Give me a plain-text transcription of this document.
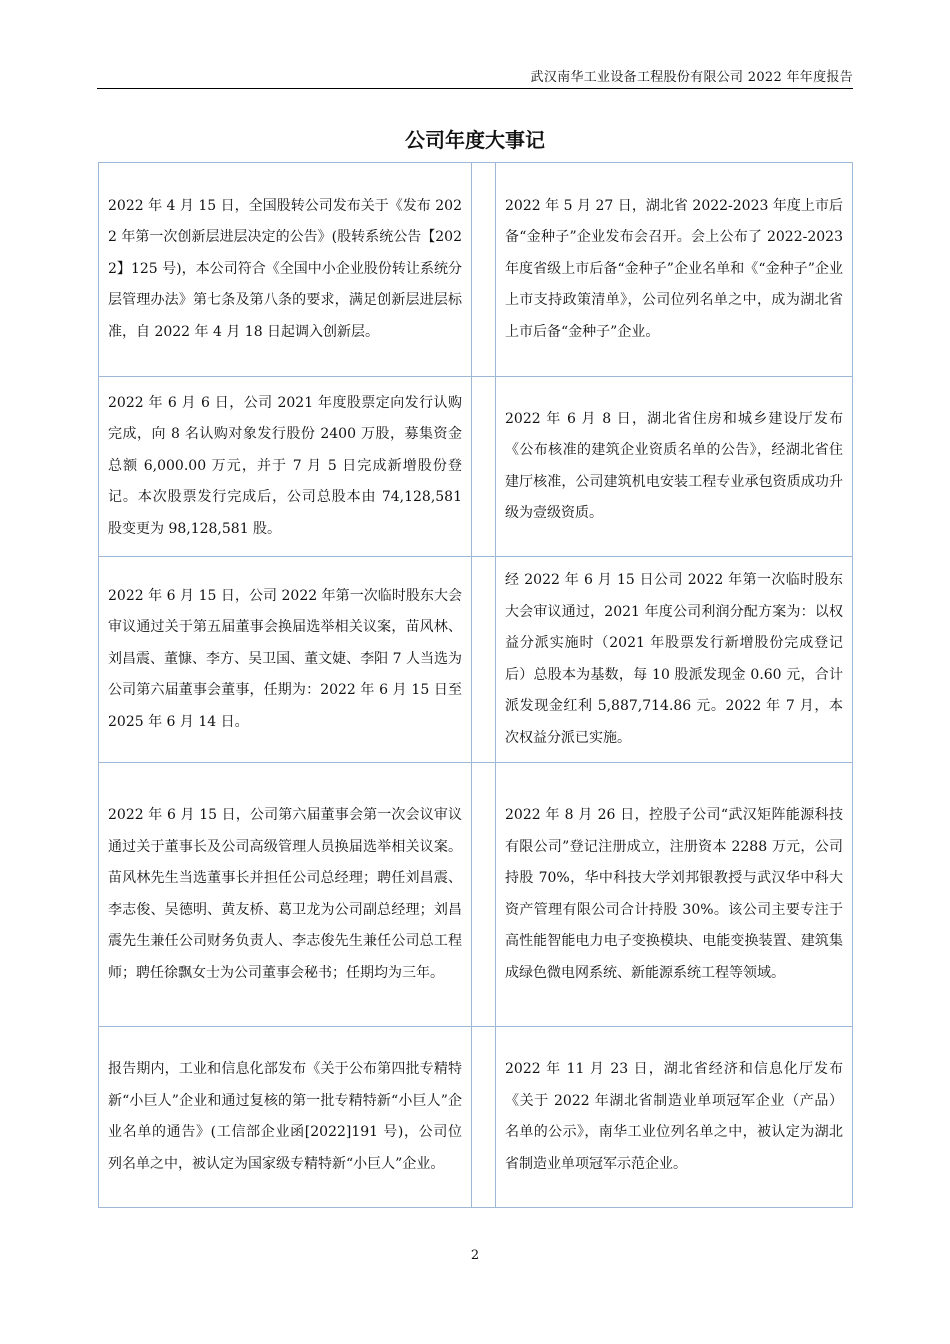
武汉南华工业设备工程股份有限公司 2022 年年度报告
公司年度大事记
2022 年 4 月 15 日，全国股转公司发布关于《发布 2022 年第一次创新层进层决定的公告》(股转系统公告【2022】125 号)，本公司符合《全国中小企业股份转让系统分层管理办法》第七条及第八条的要求，满足创新层进层标准，自 2022 年 4 月 18 日起调入创新层。		2022 年 5 月 27 日，湖北省 2022-2023 年度上市后备“金种子”企业发布会召开。会上公布了 2022-2023 年度省级上市后备“金种子”企业名单和《“金种子”企业上市支持政策清单》，公司位列名单之中，成为湖北省上市后备“金种子”企业。
2022 年 6 月 6 日，公司 2021 年度股票定向发行认购完成，向 8 名认购对象发行股份 2400 万股，募集资金总额 6,000.00 万元，并于 7 月 5 日完成新增股份登记。本次股票发行完成后，公司总股本由 74,128,581 股变更为 98,128,581 股。		2022 年 6 月 8 日，湖北省住房和城乡建设厅发布《公布核准的建筑企业资质名单的公告》，经湖北省住建厅核准，公司建筑机电安装工程专业承包资质成功升级为壹级资质。
2022 年 6 月 15 日，公司 2022 年第一次临时股东大会审议通过关于第五届董事会换届选举相关议案，苗风林、刘昌震、董慷、李方、吴卫国、董文婕、李阳 7 人当选为公司第六届董事会董事，任期为：2022 年 6 月 15 日至 2025 年 6 月 14 日。		经 2022 年 6 月 15 日公司 2022 年第一次临时股东大会审议通过，2021 年度公司利润分配方案为：以权益分派实施时（2021 年股票发行新增股份完成登记后）总股本为基数，每 10 股派发现金 0.60 元，合计派发现金红利 5,887,714.86 元。2022 年 7 月，本次权益分派已实施。
2022 年 6 月 15 日，公司第六届董事会第一次会议审议通过关于董事长及公司高级管理人员换届选举相关议案。苗风林先生当选董事长并担任公司总经理；聘任刘昌震、李志俊、吴德明、黄友桥、葛卫龙为公司副总经理；刘昌震先生兼任公司财务负责人、李志俊先生兼任公司总工程师；聘任徐飘女士为公司董事会秘书；任期均为三年。		2022 年 8 月 26 日，控股子公司“武汉矩阵能源科技有限公司”登记注册成立，注册资本 2288 万元，公司持股 70%，华中科技大学刘邦银教授与武汉华中科大资产管理有限公司合计持股 30%。该公司主要专注于高性能智能电力电子变换模块、电能变换装置、建筑集成绿色微电网系统、新能源系统工程等领域。
报告期内，工业和信息化部发布《关于公布第四批专精特新“小巨人”企业和通过复核的第一批专精特新“小巨人”企业名单的通告》(工信部企业函[2022]191 号)，公司位列名单之中，被认定为国家级专精特新“小巨人”企业。		2022 年 11 月 23 日，湖北省经济和信息化厅发布《关于 2022 年湖北省制造业单项冠军企业（产品）名单的公示》，南华工业位列名单之中，被认定为湖北省制造业单项冠军示范企业。
2
